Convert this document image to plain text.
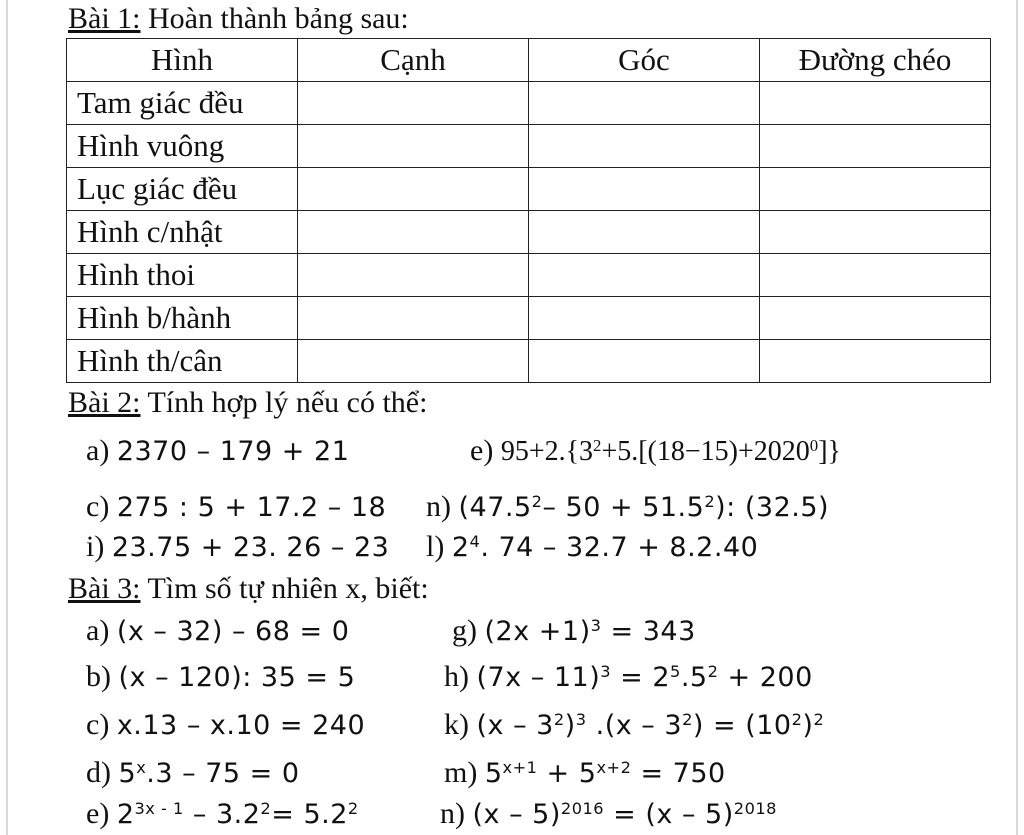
Bài 1: Hoàn thành bảng sau:
Hình	Cạnh	Góc	Đường chéo
Tam giác đều			
Hình vuông			
Lục giác đều			
Hình c/nhật			
Hình thoi			
Hình b/hành			
Hình th/cân			
Bài 2: Tính hợp lý nếu có thể:
a) 2370 – 179 + 21	e) $95+2.\{3^2+5.[(18-15)+2020^0]\}$
c) 275 : 5 + 17.2 – 18 n) (47.5$^2$– $50 + 51.5^2$): (32.5)
i) 23.75 + 23. 26 – 23 l) $2^4$. 74 – 32.7 + 8.2.40
Bài 3: Tìm số tự nhiên x, biết:
a) (x – 32) – 68 = 0	g) $(2x +1)^3 = 343$
b) (x – 120): 35 = 5	h) $(7x - 11)^3 = 2^5.5^2 + 200$
c) x.13 – x.10 = 240	k) $(x - 3^2)^3$ $.(x - 3^2) = (10^2)^2$
d) 5$^x$.3 – 75 = 0	m) $5^{x+1} + 5^{x+2} = 750$
e) $2^{3x - 1} - 3.2^2= 5.2^2$	n) (x – 5)$^{2016}$ = (x – 5)$^{2018}$
